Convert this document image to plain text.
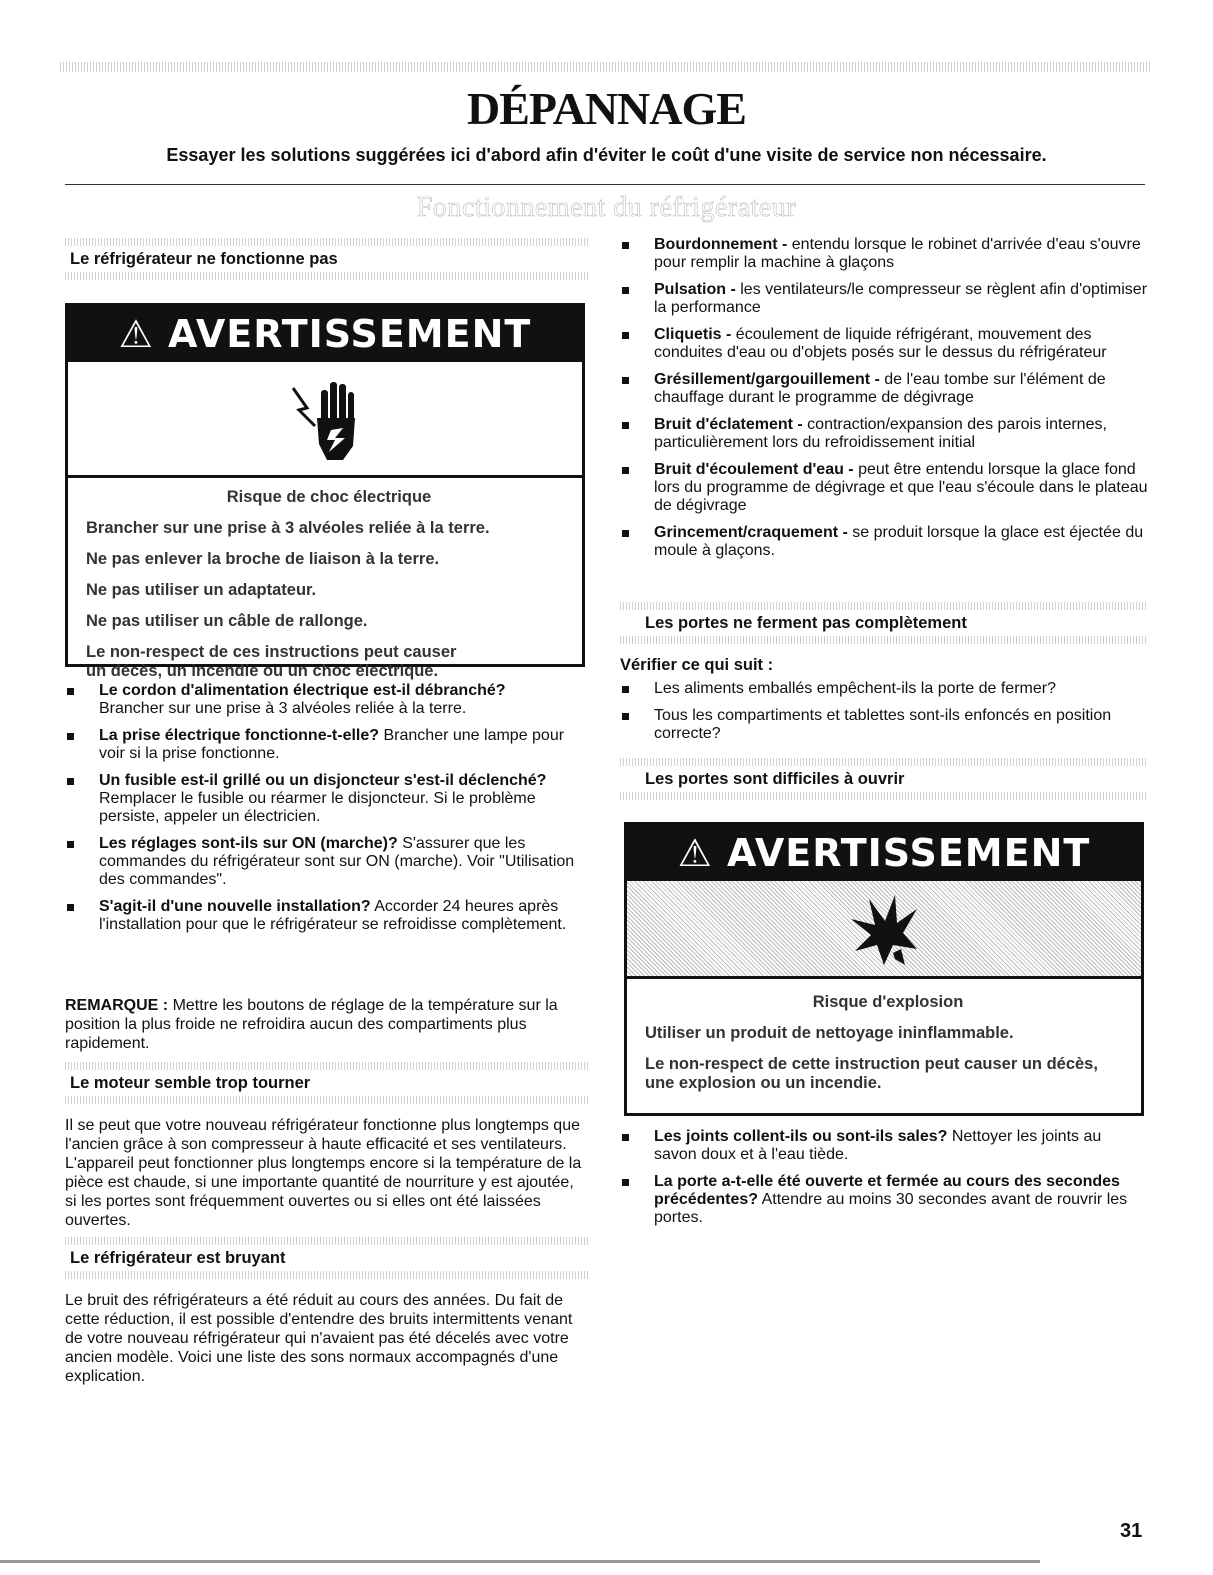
DÉPANNAGE
Essayer les solutions suggérées ici d'abord afin d'éviter le coût d'une visite de service non nécessaire.
Fonctionnement du réfrigérateur
Le réfrigérateur ne fonctionne pas
⚠ AVERTISSEMENT
Risque de choc électrique
Brancher sur une prise à 3 alvéoles reliée à la terre.
Ne pas enlever la broche de liaison à la terre.
Ne pas utiliser un adaptateur.
Ne pas utiliser un câble de rallonge.
Le non-respect de ces instructions peut causer
un décès, un incendie ou un choc électrique.
Le cordon d'alimentation électrique est-il débranché?
Brancher sur une prise à 3 alvéoles reliée à la terre.
La prise électrique fonctionne-t-elle? Brancher une lampe pour voir si la prise fonctionne.
Un fusible est-il grillé ou un disjoncteur s'est-il déclenché? Remplacer le fusible ou réarmer le disjoncteur. Si le problème persiste, appeler un électricien.
Les réglages sont-ils sur ON (marche)? S'assurer que les commandes du réfrigérateur sont sur ON (marche). Voir "Utilisation des commandes".
S'agit-il d'une nouvelle installation? Accorder 24 heures après l'installation pour que le réfrigérateur se refroidisse complètement.
REMARQUE : Mettre les boutons de réglage de la température sur la position la plus froide ne refroidira aucun des compartiments plus rapidement.
Le moteur semble trop tourner
Il se peut que votre nouveau réfrigérateur fonctionne plus longtemps que l'ancien grâce à son compresseur à haute efficacité et ses ventilateurs. L'appareil peut fonctionner plus longtemps encore si la température de la pièce est chaude, si une importante quantité de nourriture y est ajoutée, si les portes sont fréquemment ouvertes ou si elles ont été laissées ouvertes.
Le réfrigérateur est bruyant
Le bruit des réfrigérateurs a été réduit au cours des années. Du fait de cette réduction, il est possible d'entendre des bruits intermittents venant de votre nouveau réfrigérateur qui n'avaient pas été décelés avec votre ancien modèle. Voici une liste des sons normaux accompagnés d'une explication.
Bourdonnement - entendu lorsque le robinet d'arrivée d'eau s'ouvre pour remplir la machine à glaçons
Pulsation - les ventilateurs/le compresseur se règlent afin d'optimiser la performance
Cliquetis - écoulement de liquide réfrigérant, mouvement des conduites d'eau ou d'objets posés sur le dessus du réfrigérateur
Grésillement/gargouillement - de l'eau tombe sur l'élément de chauffage durant le programme de dégivrage
Bruit d'éclatement - contraction/expansion des parois internes, particulièrement lors du refroidissement initial
Bruit d'écoulement d'eau - peut être entendu lorsque la glace fond lors du programme de dégivrage et que l'eau s'écoule dans le plateau de dégivrage
Grincement/craquement - se produit lorsque la glace est éjectée du moule à glaçons.
Les portes ne ferment pas complètement
Vérifier ce qui suit :
Les aliments emballés empêchent-ils la porte de fermer?
Tous les compartiments et tablettes sont-ils enfoncés en position correcte?
Les portes sont difficiles à ouvrir
⚠ AVERTISSEMENT
Risque d'explosion
Utiliser un produit de nettoyage ininflammable.
Le non-respect de cette instruction peut causer un décès,
une explosion ou un incendie.
Les joints collent-ils ou sont-ils sales? Nettoyer les joints au savon doux et à l'eau tiède.
La porte a-t-elle été ouverte et fermée au cours des secondes précédentes? Attendre au moins 30 secondes avant de rouvrir les portes.
31
